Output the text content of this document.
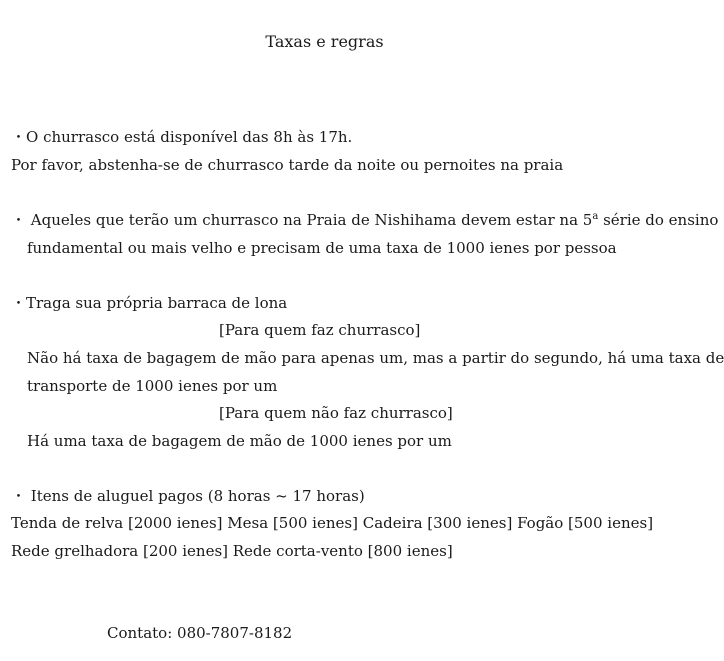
Taxas e regras
・O churrasco está disponível das 8h às 17h.
Por favor, abstenha-se de churrasco tarde da noite ou pernoites na praia
・ Aqueles que terão um churrasco na Praia de Nishihama devem estar na 5$^a$ série do ensino
fundamental ou mais velho e precisam de uma taxa de 1000 ienes por pessoa
・Traga sua própria barraca de lona
[Para quem faz churrasco]
Não há taxa de bagagem de mão para apenas um, mas a partir do segundo, há uma taxa de
transporte de 1000 ienes por um
[Para quem não faz churrasco]
Há uma taxa de bagagem de mão de 1000 ienes por um
・ Itens de aluguel pagos (8 horas ~ 17 horas)
Tenda de relva [2000 ienes] Mesa [500 ienes] Cadeira [300 ienes] Fogão [500 ienes]
Rede grelhadora [200 ienes] Rede corta-vento [800 ienes]
Contato: 080-7807-8182
